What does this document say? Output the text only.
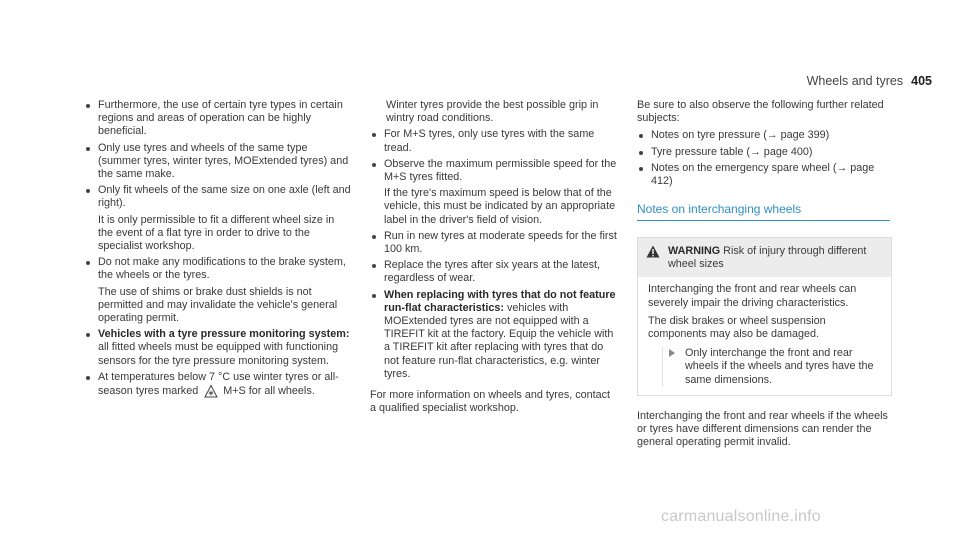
Wheels and tyres 405
Furthermore, the use of certain tyre types in certain regions and areas of operation can be highly beneficial.
Only use tyres and wheels of the same type (summer tyres, winter tyres, MOExtended tyres) and the same make.
Only fit wheels of the same size on one axle (left and right).
It is only permissible to fit a different wheel size in the event of a flat tyre in order to drive to the specialist workshop.
Do not make any modifications to the brake system, the wheels or the tyres.
The use of shims or brake dust shields is not permitted and may invalidate the vehicle's general operating permit.
Vehicles with a tyre pressure monitoring system: all fitted wheels must be equipped with functioning sensors for the tyre pressure monitoring system.
At temperatures below 7 °C use winter tyres or all-season tyres marked M+S for all wheels.

Winter tyres provide the best possible grip in wintry road conditions.

For M+S tyres, only use tyres with the same tread.
Observe the maximum permissible speed for the M+S tyres fitted.
If the tyre's maximum speed is below that of the vehicle, this must be indicated by an appropriate label in the driver's field of vision.
Run in new tyres at moderate speeds for the first 100 km.
Replace the tyres after six years at the latest, regardless of wear.
When replacing with tyres that do not feature run-flat characteristics: vehicles with MOExtended tyres are not equipped with a TIREFIT kit at the factory. Equip the vehicle with a TIREFIT kit after replacing with tyres that do not feature run-flat characteristics, e.g. winter tyres.

For more information on wheels and tyres, contact a qualified specialist workshop.

Be sure to also observe the following further related subjects:

Notes on tyre pressure (→ page 399)
Tyre pressure table (→ page 400)
Notes on the emergency spare wheel (→ page 412)
Notes on interchanging wheels
WARNING Risk of injury through different wheel sizes

Interchanging the front and rear wheels can severely impair the driving characteristics.

The disk brakes or wheel suspension components may also be damaged.

Only interchange the front and rear wheels if the wheels and tyres have the same dimensions.

Interchanging the front and rear wheels if the wheels or tyres have different dimensions can render the general operating permit invalid.

carmanualsonline.info
